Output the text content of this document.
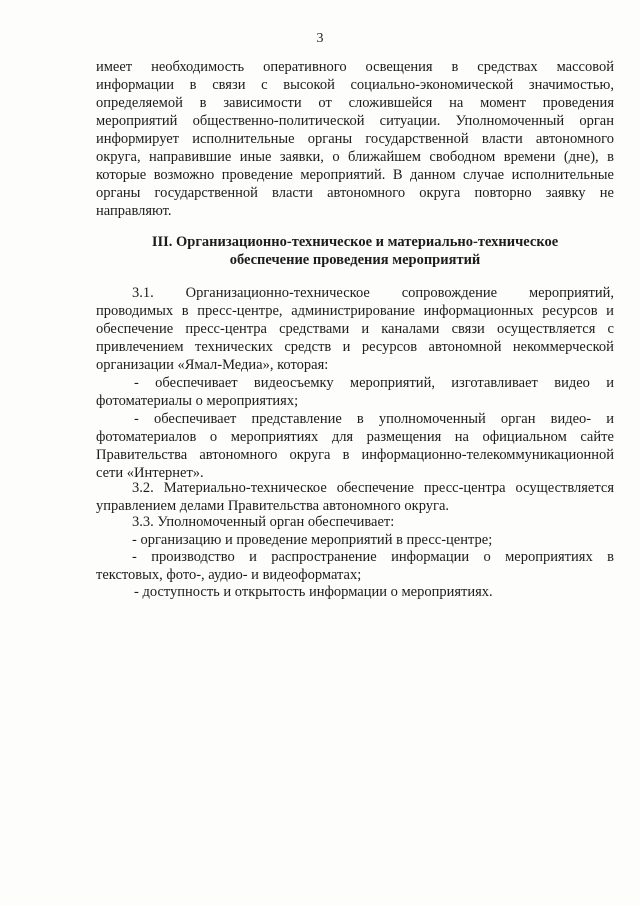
3
имеет необходимость оперативного освещения в средствах массовой
информации в связи с высокой социально-экономической значимостью,
определяемой в зависимости от сложившейся на момент проведения
мероприятий общественно-политической ситуации. Уполномоченный орган
информирует исполнительные органы государственной власти автономного
округа, направившие иные заявки, о ближайшем свободном времени (дне), в
которые возможно проведение мероприятий. В данном случае исполнительные
органы государственной власти автономного округа повторно заявку не
направляют.
III. Организационно-техническое и материально-техническое
обеспечение проведения мероприятий
3.1. Организационно-техническое сопровождение мероприятий,
проводимых в пресс-центре, администрирование информационных ресурсов и
обеспечение пресс-центра средствами и каналами связи осуществляется с
привлечением технических средств и ресурсов автономной некоммерческой
организации «Ямал-Медиа», которая:
- обеспечивает видеосъемку мероприятий, изготавливает видео и
фотоматериалы о мероприятиях;
- обеспечивает представление в уполномоченный орган видео- и
фотоматериалов о мероприятиях для размещения на официальном сайте
Правительства автономного округа в информационно-телекоммуникационной
сети «Интернет».
3.2. Материально-техническое обеспечение пресс-центра осуществляется
управлением делами Правительства автономного округа.
3.3. Уполномоченный орган обеспечивает:
- организацию и проведение мероприятий в пресс-центре;
- производство и распространение информации о мероприятиях в
текстовых, фото-, аудио- и видеоформатах;
- доступность и открытость информации о мероприятиях.
